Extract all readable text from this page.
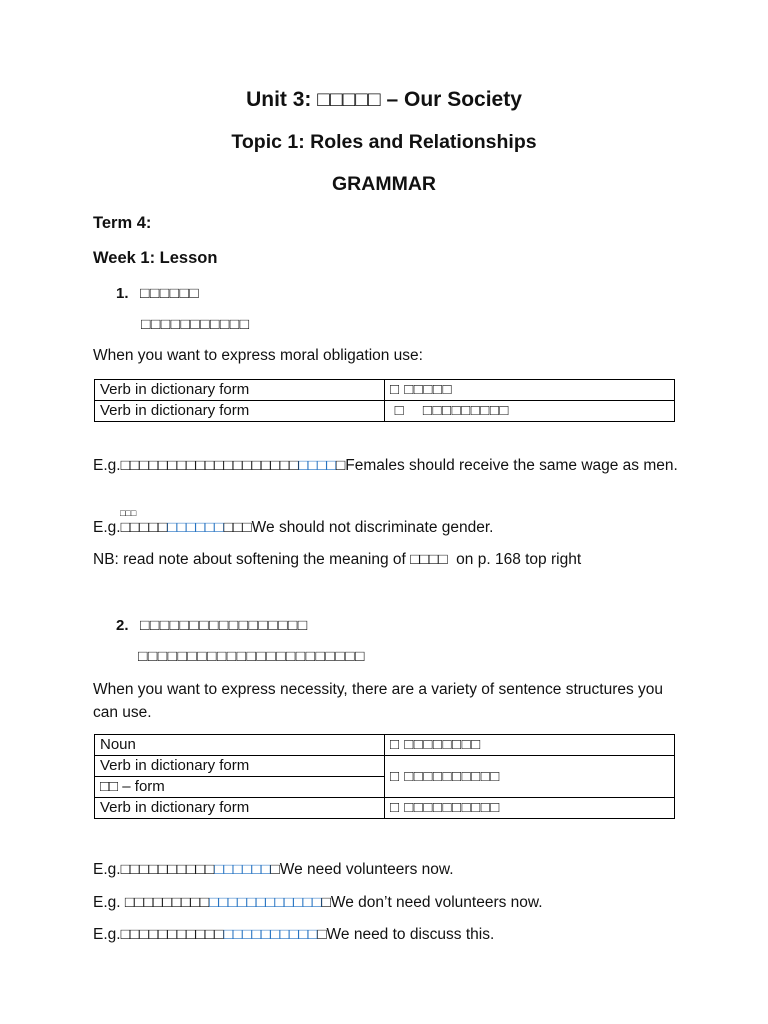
Unit 3: □□□□□ – Our Society
Topic 1: Roles and Relationships
GRAMMAR
Term 4:
Week 1: Lesson
1. □□□□□□
□□□□□□□□□□□
When you want to express moral obligation use:
Verb in dictionary form	□ □□□□□
Verb in dictionary form	□    □□□□□□□□□
E.g.□□□□□□□□□□□□□□□□□□□□□□□□Females should receive the same wage as men.
□□□
E.g.□□□□□□□□□□□□□□We should not discriminate gender.
NB: read note about softening the meaning of □□□□  on p. 168 top right
2. □□□□□□□□□□□□□□□□□
□□□□□□□□□□□□□□□□□□□□□□□
When you want to express necessity, there are a variety of sentence structures you can use.
Noun	□ □□□□□□□□
Verb in dictionary form	□ □□□□□□□□□□
□□ – form	
Verb in dictionary form	□ □□□□□□□□□□
E.g.□□□□□□□□□□□□□□□□□We need volunteers now.
E.g. □□□□□□□□□□□□□□□□□□□□□□We don’t need volunteers now.
E.g.□□□□□□□□□□□□□□□□□□□□□□We need to discuss this.
